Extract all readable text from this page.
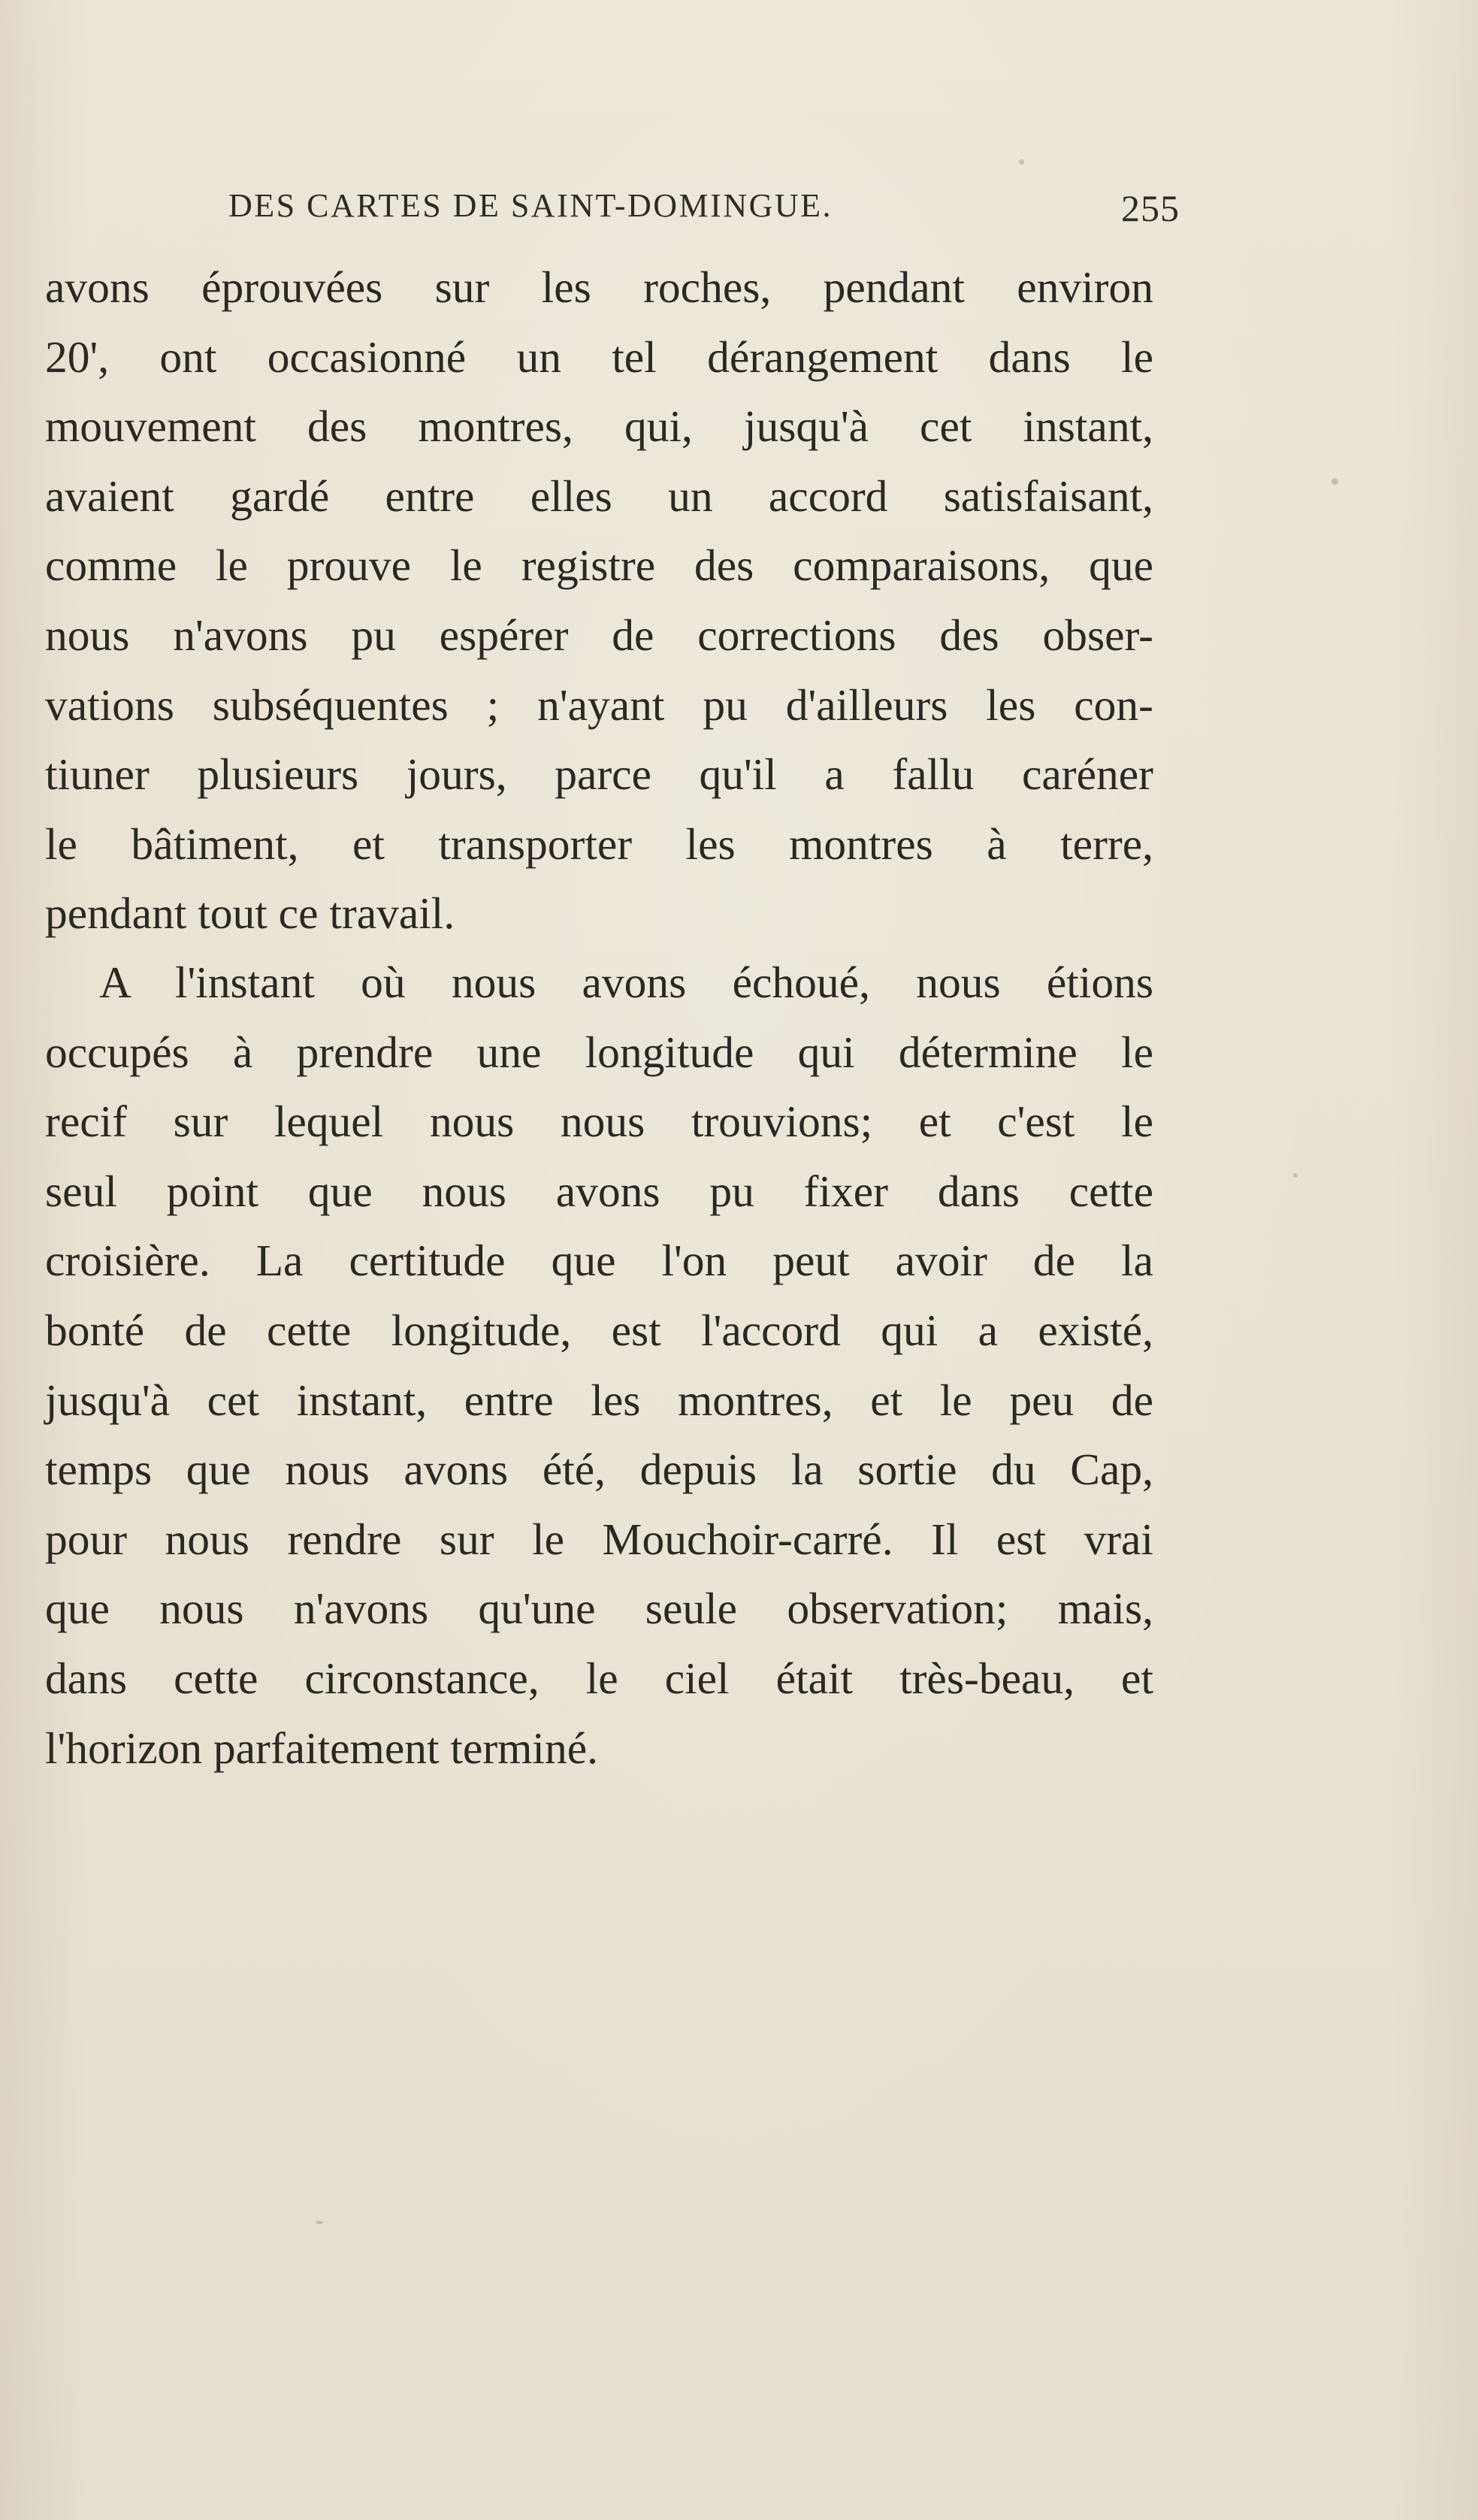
DES CARTES DE SAINT-DOMINGUE.	255
avons éprouvées sur les roches, pendant environ
20', ont occasionné un tel dérangement dans le
mouvement des montres, qui, jusqu'à cet instant,
avaient gardé entre elles un accord satisfaisant,
comme le prouve le registre des comparaisons, que
nous n'avons pu espérer de corrections des obser-
vations subséquentes ; n'ayant pu d'ailleurs les con-
tiuner plusieurs jours, parce qu'il a fallu caréner
le bâtiment, et transporter les montres à terre,
pendant tout ce travail.
A l'instant où nous avons échoué, nous étions
occupés à prendre une longitude qui détermine le
recif sur lequel nous nous trouvions; et c'est le
seul point que nous avons pu fixer dans cette
croisière. La certitude que l'on peut avoir de la
bonté de cette longitude, est l'accord qui a existé,
jusqu'à cet instant, entre les montres, et le peu de
temps que nous avons été, depuis la sortie du Cap,
pour nous rendre sur le Mouchoir-carré. Il est vrai
que nous n'avons qu'une seule observation; mais,
dans cette circonstance, le ciel était très-beau, et
l'horizon parfaitement terminé.
